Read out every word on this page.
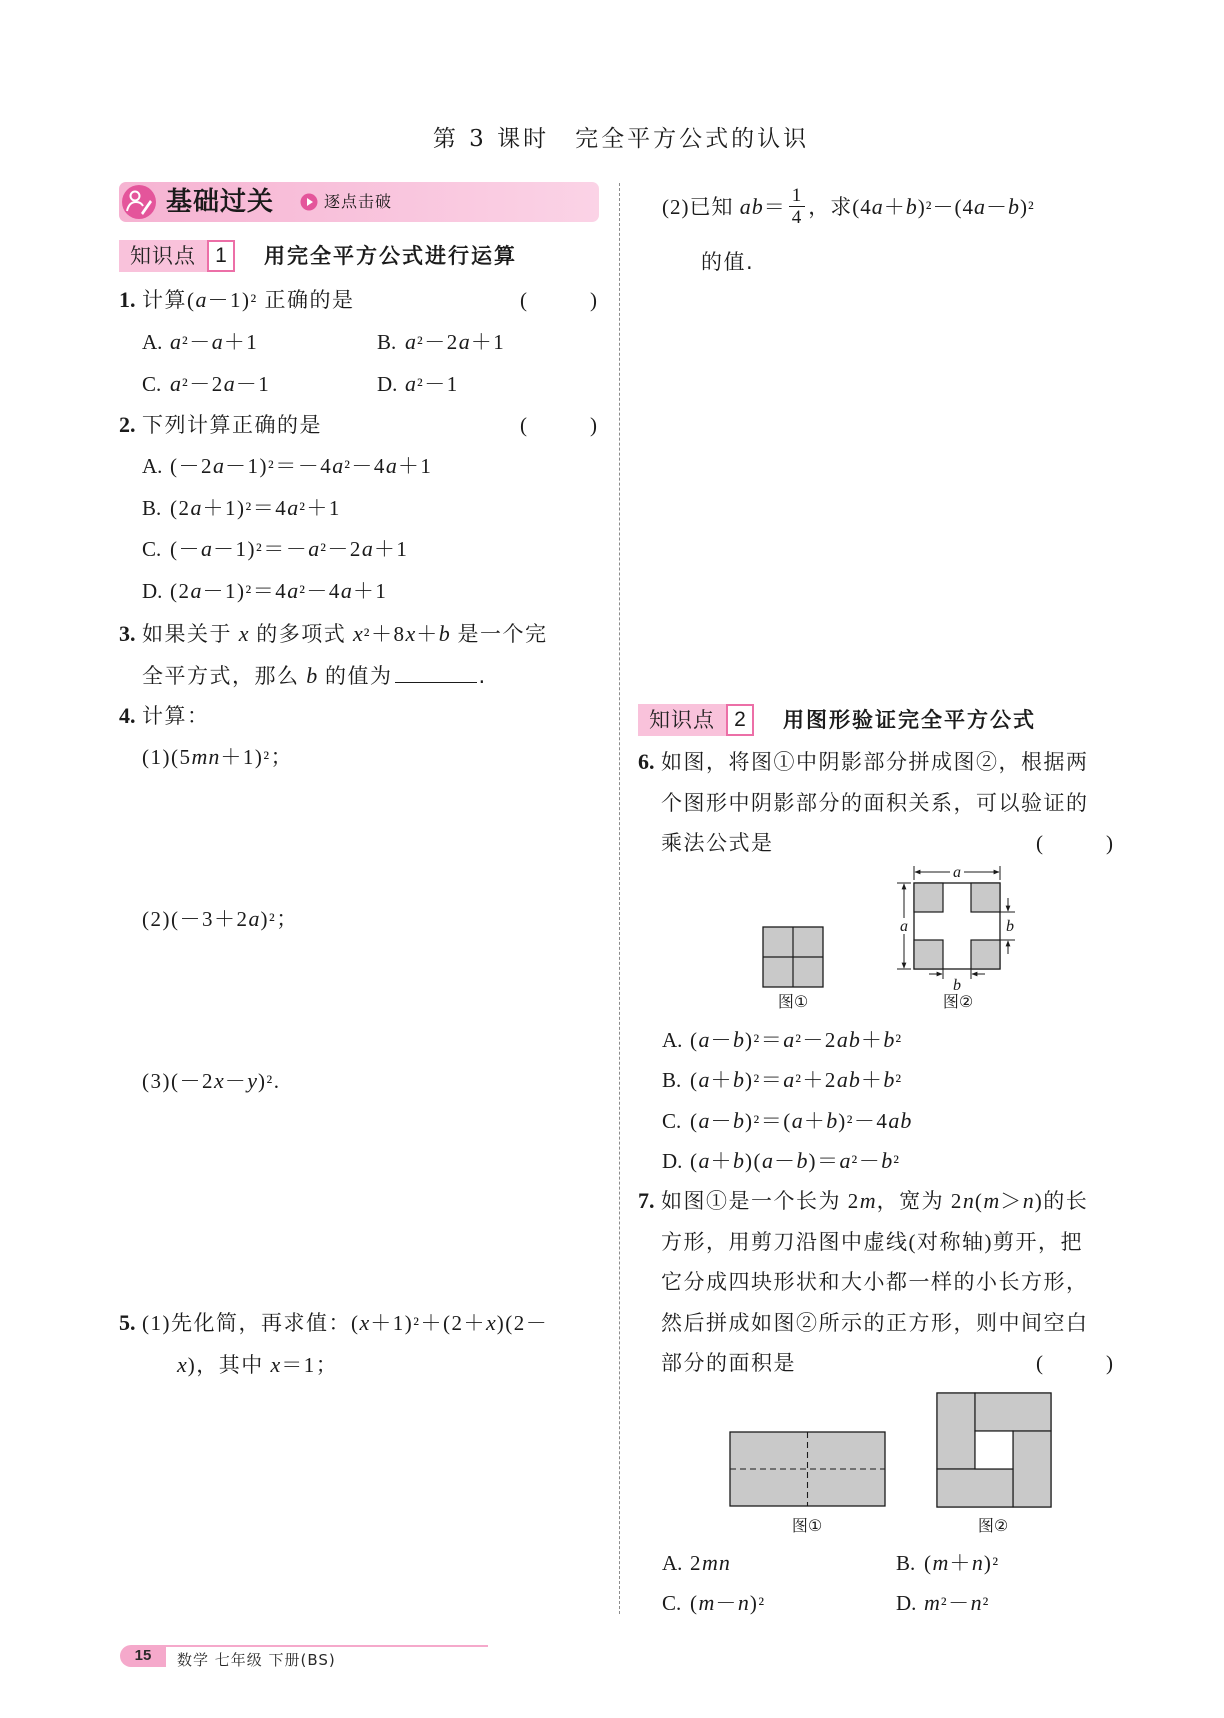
第 3 课时　完全平方公式的认识
基础过关	逐点击破
知识点 1	用完全平方公式进行运算
1. 计算(a－1)² 正确的是	(　　　)
A. a²－a＋1	B. a²－2a＋1
C. a²－2a－1	D. a²－1
2. 下列计算正确的是	(　　　)
A. (－2a－1)²＝－4a²－4a＋1
B. (2a＋1)²＝4a²＋1
C. (－a－1)²＝－a²－2a＋1
D. (2a－1)²＝4a²－4a＋1
3. 如果关于 x 的多项式 x²＋8x＋b 是一个完
全平方式，那么 b 的值为	.
4. 计算：
(1)(5mn＋1)²；
(2)(－3＋2a)²；
(3)(－2x－y)².
5. (1)先化简，再求值：(x＋1)²＋(2＋x)(2－
x)，其中 x＝1；
(2)已知 $ab= \frac{1}{4}$ ，求(4a＋b)²－(4a－b)²
的值.
知识点 2	用图形验证完全平方公式
6. 如图，将图①中阴影部分拼成图②，根据两
个图形中阴影部分的面积关系，可以验证的
乘法公式是	(　　　)
图①
a
a	b
b
图②
A. (a－b)²＝a²－2ab＋b²
B. (a＋b)²＝a²＋2ab＋b²
C. (a－b)²＝(a＋b)²－4ab
D. (a＋b)(a－b)＝a²－b²
7. 如图①是一个长为 2m，宽为 2n(m＞n)的长
方形，用剪刀沿图中虚线(对称轴)剪开，把
它分成四块形状和大小都一样的小长方形，
然后拼成如图②所示的正方形，则中间空白
部分的面积是	(　　　)
图①	图②
A. 2mn	B. (m＋n)²
C. (m－n)²	D. m²－n²
15	数学 七年级 下册(BS)
